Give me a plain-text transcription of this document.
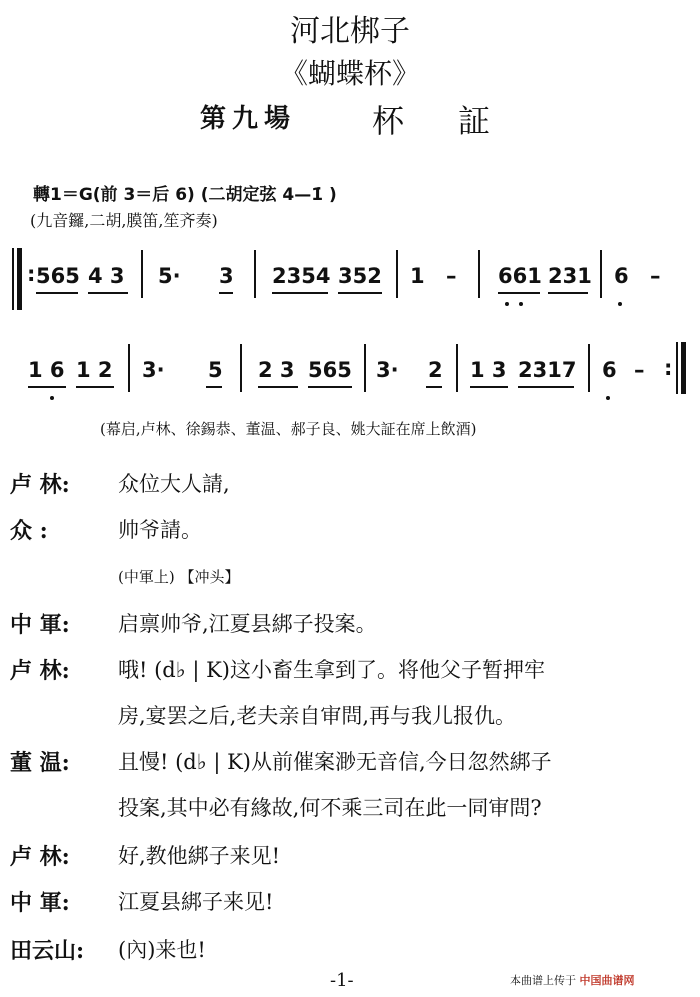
河北梆子
《蝴蝶杯》
第九場 杯証
轉1＝G(前 3＝后 6) (二胡定弦 4—1̇ )
(九音鑼,二胡,膜笛,笙齐奏)
: 565 4 3 5· 3 2354 352 1 – 661 231 6 –
1 6 1 2 3· 5 2 3 565 3· 2 1 3 2317 6 – :
(幕启,卢林、徐錫恭、董温、郝子良、姚大証在席上飲酒)
卢 林: 众位大人請,
众 :	帅爷請。
(中軍上) 【冲头】
中 軍: 启禀帅爷,江夏县綁子投案。
卢 林: 哦! (d♭ | K)这小畜生拿到了。将他父子暂押牢
房,宴罢之后,老夫亲自审問,再与我儿报仇。
董 温: 且慢! (d♭ | K)从前催案渺无音信,今日忽然綁子
投案,其中必有緣故,何不乘三司在此一同审問?
卢 林: 好,教他綁子来见!
中 軍: 江夏县綁子来见!
田云山: (內)来也!
-1-	本曲谱上传于 中国曲谱网
